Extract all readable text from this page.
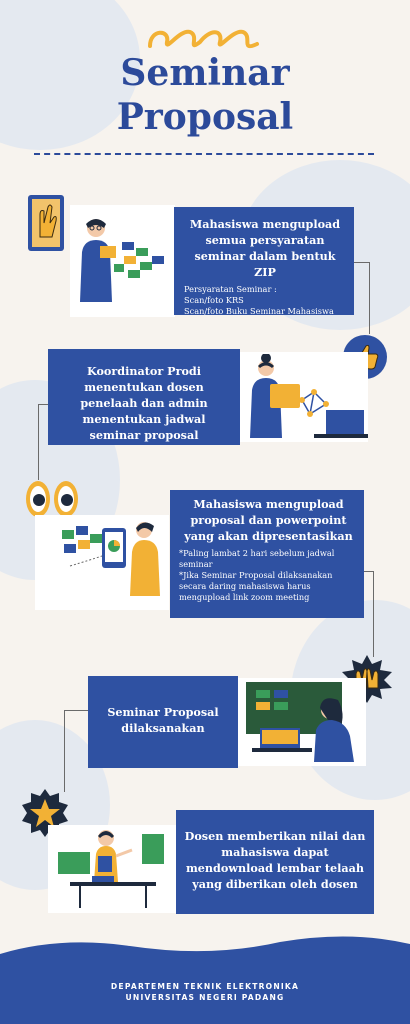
Seminar
Proposal
Mahasiswa mengupload semua persyaratan seminar dalam bentuk ZIP
Persyaratan Seminar :
Scan/foto KRS
Scan/foto Buku Seminar Mahasiswa
Koordinator Prodi menentukan dosen penelaah dan admin menentukan jadwal seminar proposal
Mahasiswa mengupload proposal dan powerpoint yang akan dipresentasikan
*Paling lambat 2 hari sebelum jadwal seminar
*Jika Seminar Proposal dilaksanakan secara daring mahasiswa harus mengupload link zoom meeting
Seminar Proposal dilaksanakan
Dosen memberikan nilai dan mahasiswa dapat mendownload lembar telaah yang diberikan oleh dosen
DEPARTEMEN TEKNIK ELEKTRONIKA
UNIVERSITAS NEGERI PADANG
